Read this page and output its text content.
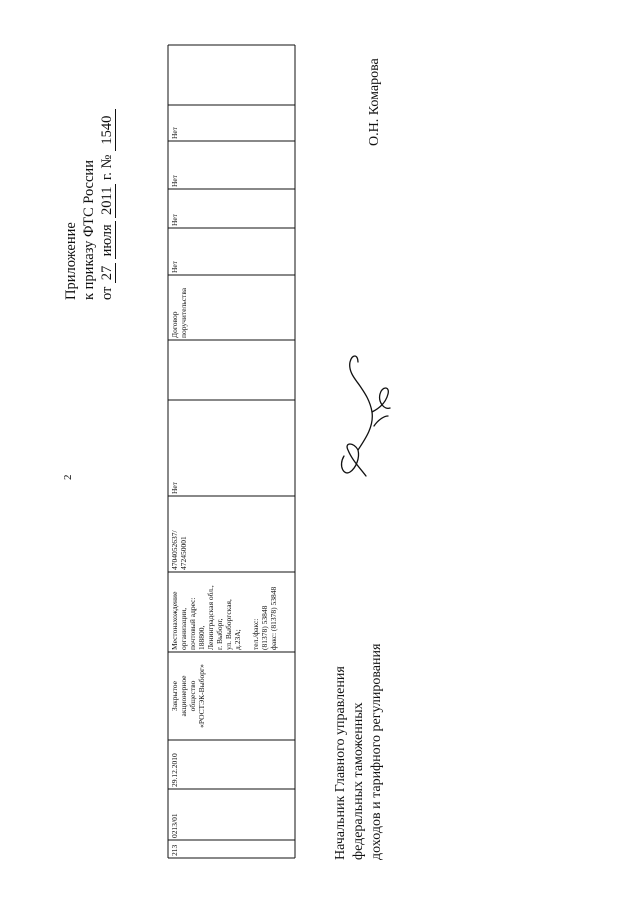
2
Приложение к приказу ФТС России от 27 июля 2011 г. № 1540
213
0213/01
29.12.2010
Закрытое акционерное общество «РОСТЭК-Выборг»
Местонахождение организации, почтовый адрес: 188800, Ленинградская обл., г. Выборг, ул. Выборгская, д.23А;
тел./факс: (81378) 53848 факс: (81378) 53848
4704052637/ 472450001
Нет
Договор поручительства
Нет
Нет
Нет
Нет
Начальник Главного управления федеральных таможенных доходов и тарифного регулирования
О.Н. Комарова
